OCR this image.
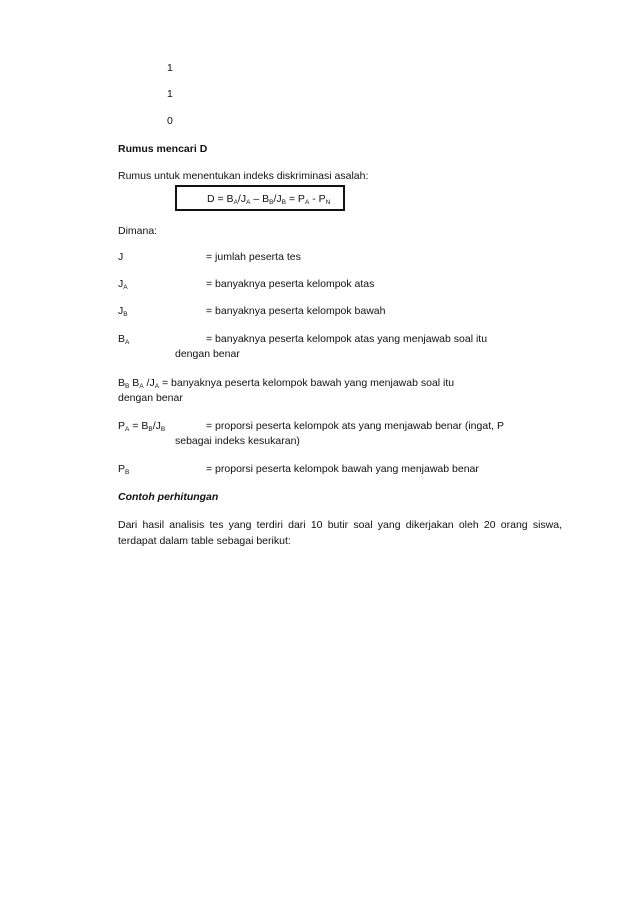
1
1
0
Rumus mencari D
Rumus untuk menentukan indeks diskriminasi asalah:
$D = B_A/J_A - B_B/J_B = P_A - P_N$
Dimana:
J	= jumlah peserta tes
$J_A$	= banyaknya peserta kelompok atas
$J_B$	= banyaknya peserta kelompok bawah
$B_A$	= banyaknya peserta kelompok atas yang menjawab soal itu
dengan benar
$B_B$ $B_A$ $/J_A$ = banyaknya peserta kelompok bawah yang menjawab soal itu
dengan benar
$P_A = B_B/J_B$	= proporsi peserta kelompok ats yang menjawab benar (ingat, P
sebagai indeks kesukaran)
$P_B$	= proporsi peserta kelompok bawah yang menjawab benar
Contoh perhitungan
Dari hasil analisis tes yang terdiri dari 10 butir soal yang dikerjakan oleh 20 orang siswa,
terdapat dalam table sebagai berikut:
